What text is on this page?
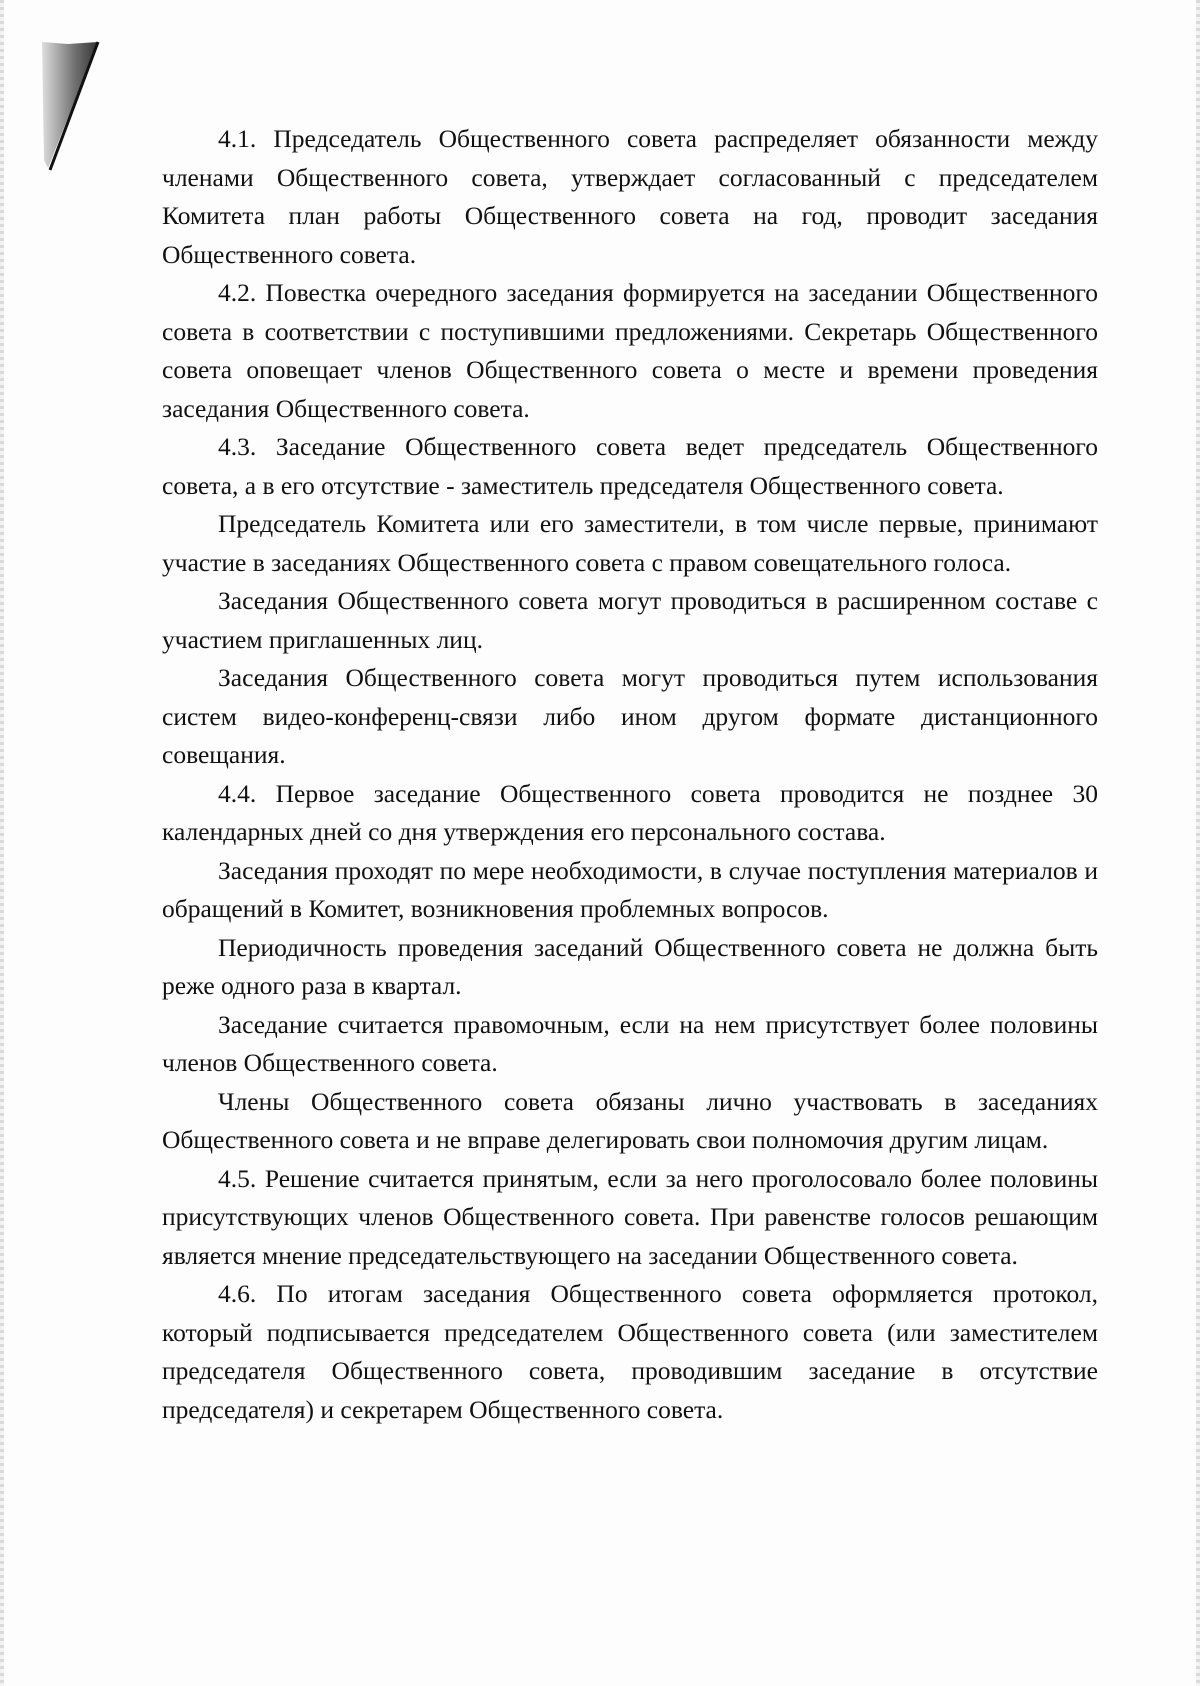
4.1. Председатель Общественного совета распределяет обязанности между членами Общественного совета, утверждает согласованный с председателем Комитета план работы Общественного совета на год, проводит заседания Общественного совета.

4.2. Повестка очередного заседания формируется на заседании Общественного совета в соответствии с поступившими предложениями. Секретарь Общественного совета оповещает членов Общественного совета о месте и времени проведения заседания Общественного совета.

4.3. Заседание Общественного совета ведет председатель Общественного совета, а в его отсутствие - заместитель председателя Общественного совета.

Председатель Комитета или его заместители, в том числе первые, принимают участие в заседаниях Общественного совета с правом совещательного голоса.

Заседания Общественного совета могут проводиться в расширенном составе с участием приглашенных лиц.

Заседания Общественного совета могут проводиться путем использования систем видео-конференц-связи либо ином другом формате дистанционного совещания.

4.4. Первое заседание Общественного совета проводится не позднее 30 календарных дней со дня утверждения его персонального состава.

Заседания проходят по мере необходимости, в случае поступления материалов и обращений в Комитет, возникновения проблемных вопросов.

Периодичность проведения заседаний Общественного совета не должна быть реже одного раза в квартал.

Заседание считается правомочным, если на нем присутствует более половины членов Общественного совета.

Члены Общественного совета обязаны лично участвовать в заседаниях Общественного совета и не вправе делегировать свои полномочия другим лицам.

4.5. Решение считается принятым, если за него проголосовало более половины присутствующих членов Общественного совета. При равенстве голосов решающим является мнение председательствующего на заседании Общественного совета.

4.6. По итогам заседания Общественного совета оформляется протокол, который подписывается председателем Общественного совета (или заместителем председателя Общественного совета, проводившим заседание в отсутствие председателя) и секретарем Общественного совета.
